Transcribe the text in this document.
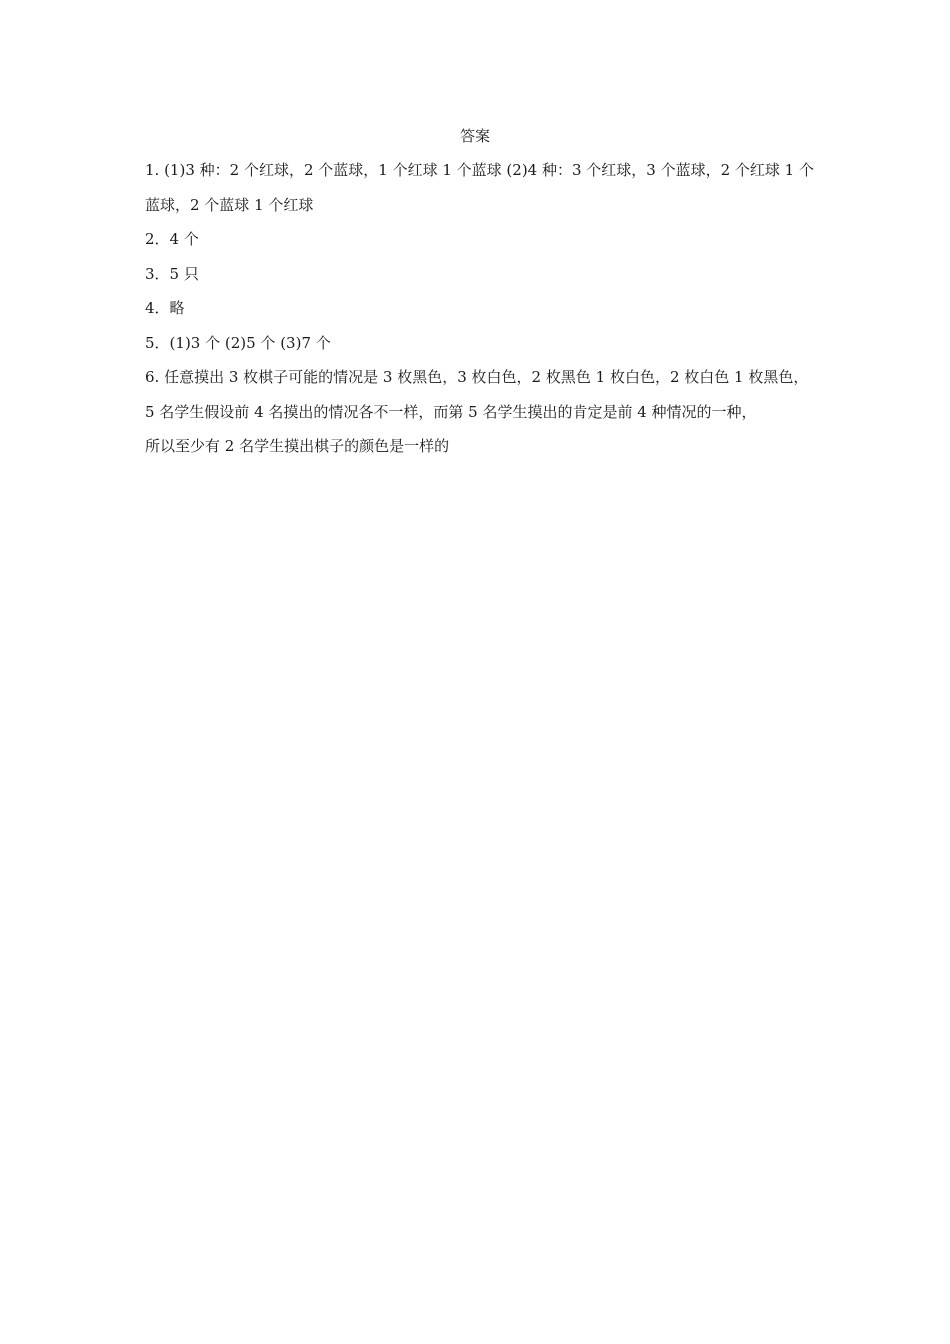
答案
1. (1)3 种：2 个红球，2 个蓝球，1 个红球 1 个蓝球 (2)4 种：3 个红球，3 个蓝球，2 个红球 1 个
蓝球，2 个蓝球 1 个红球
2．4 个
3．5 只
4．略
5．(1)3 个 (2)5 个 (3)7 个
6. 任意摸出 3 枚棋子可能的情况是 3 枚黑色，3 枚白色，2 枚黑色 1 枚白色，2 枚白色 1 枚黑色，
5 名学生假设前 4 名摸出的情况各不一样，而第 5 名学生摸出的肯定是前 4 种情况的一种，
所以至少有 2 名学生摸出棋子的颜色是一样的
